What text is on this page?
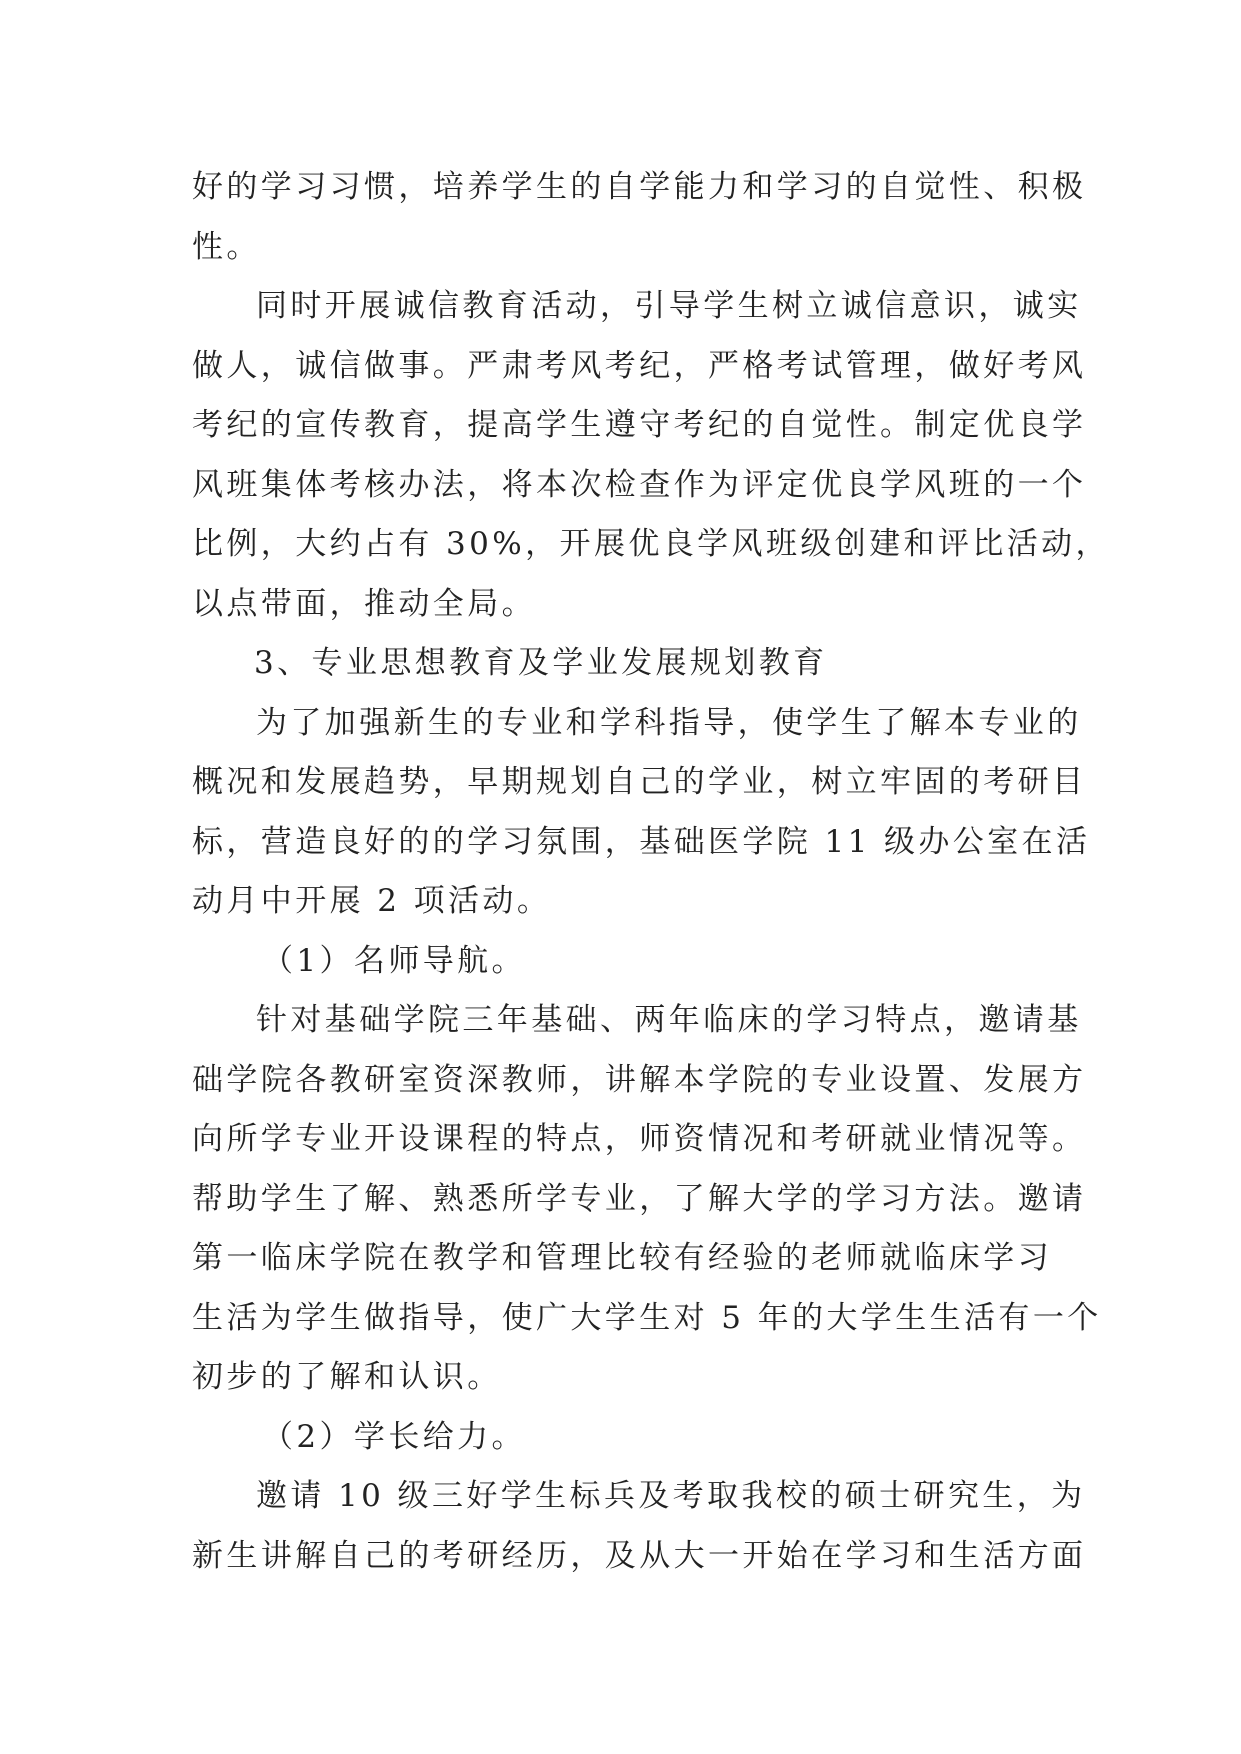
好的学习习惯，培养学生的自学能力和学习的自觉性、积极
性。
同时开展诚信教育活动，引导学生树立诚信意识，诚实
做人，诚信做事。严肃考风考纪，严格考试管理，做好考风
考纪的宣传教育，提高学生遵守考纪的自觉性。制定优良学
风班集体考核办法，将本次检查作为评定优良学风班的一个
比例，大约占有 30%，开展优良学风班级创建和评比活动，
以点带面，推动全局。
3、专业思想教育及学业发展规划教育
为了加强新生的专业和学科指导，使学生了解本专业的
概况和发展趋势，早期规划自己的学业，树立牢固的考研目
标，营造良好的的学习氛围，基础医学院 11 级办公室在活
动月中开展 2 项活动。
（1）名师导航。
针对基础学院三年基础、两年临床的学习特点，邀请基
础学院各教研室资深教师，讲解本学院的专业设置、发展方
向所学专业开设课程的特点，师资情况和考研就业情况等。
帮助学生了解、熟悉所学专业，了解大学的学习方法。邀请
第一临床学院在教学和管理比较有经验的老师就临床学习
生活为学生做指导，使广大学生对 5 年的大学生生活有一个
初步的了解和认识。
（2）学长给力。
邀请 10 级三好学生标兵及考取我校的硕士研究生，为
新生讲解自己的考研经历，及从大一开始在学习和生活方面
